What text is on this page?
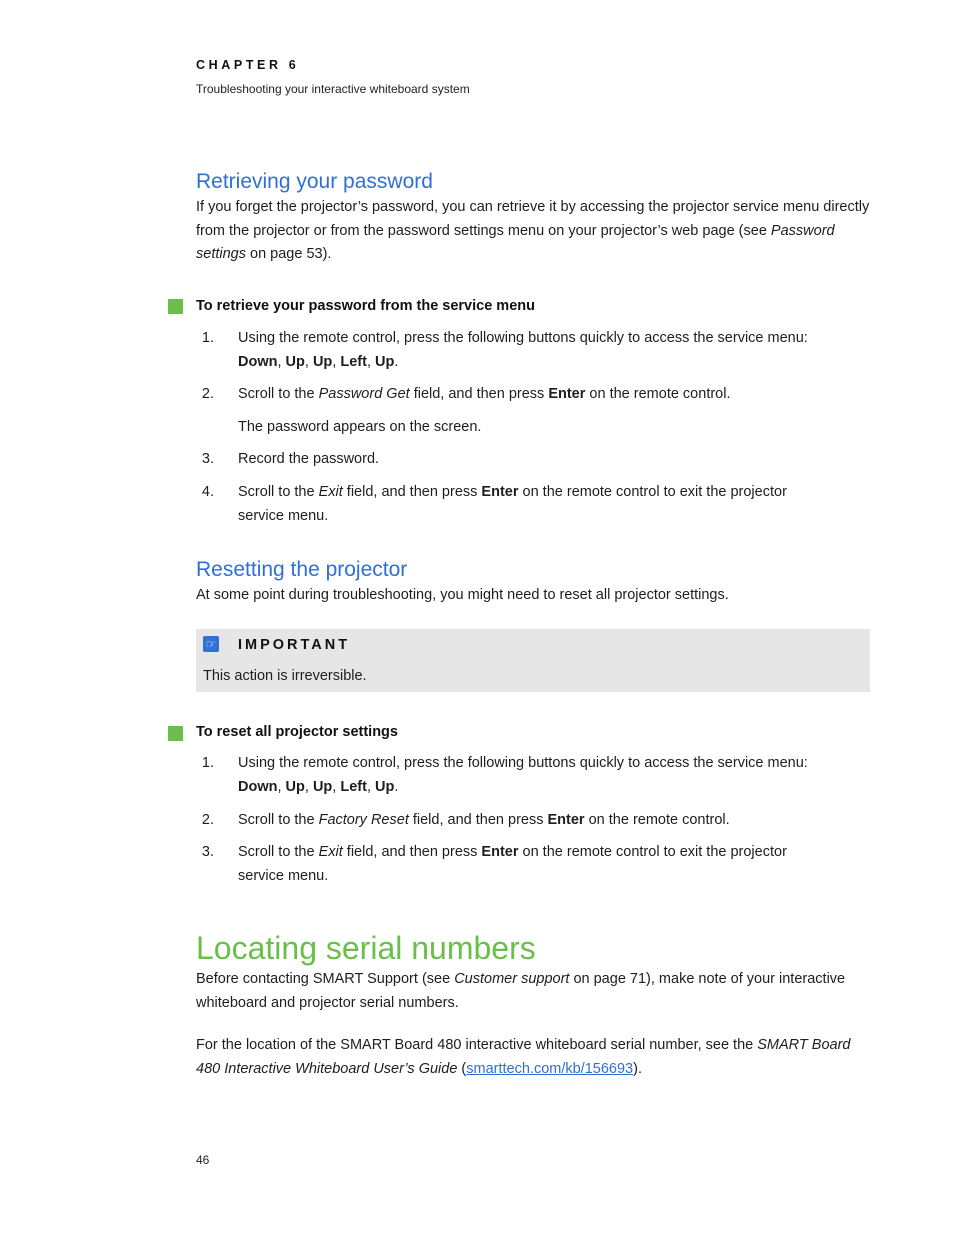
CHAPTER 6
Troubleshooting your interactive whiteboard system
Retrieving your password

If you forget the projector’s password, you can retrieve it by accessing the projector service menu directly from the projector or from the password settings menu on your projector’s web page (see Password settings on page 53).

To retrieve your password from the service menu
1. Using the remote control, press the following buttons quickly to access the service menu: Down, Up, Up, Left, Up.
2. Scroll to the Password Get field, and then press Enter on the remote control.
The password appears on the screen.
3. Record the password.
4. Scroll to the Exit field, and then press Enter on the remote control to exit the projector service menu.
Resetting the projector

At some point during troubleshooting, you might need to reset all projector settings.

☞ IMPORTANT
This action is irreversible.
To reset all projector settings
1. Using the remote control, press the following buttons quickly to access the service menu: Down, Up, Up, Left, Up.
2. Scroll to the Factory Reset field, and then press Enter on the remote control.
3. Scroll to the Exit field, and then press Enter on the remote control to exit the projector service menu.
Locating serial numbers

Before contacting SMART Support (see Customer support on page 71), make note of your interactive whiteboard and projector serial numbers.

For the location of the SMART Board 480 interactive whiteboard serial number, see the SMART Board 480 Interactive Whiteboard User’s Guide (smarttech.com/kb/156693).

46
